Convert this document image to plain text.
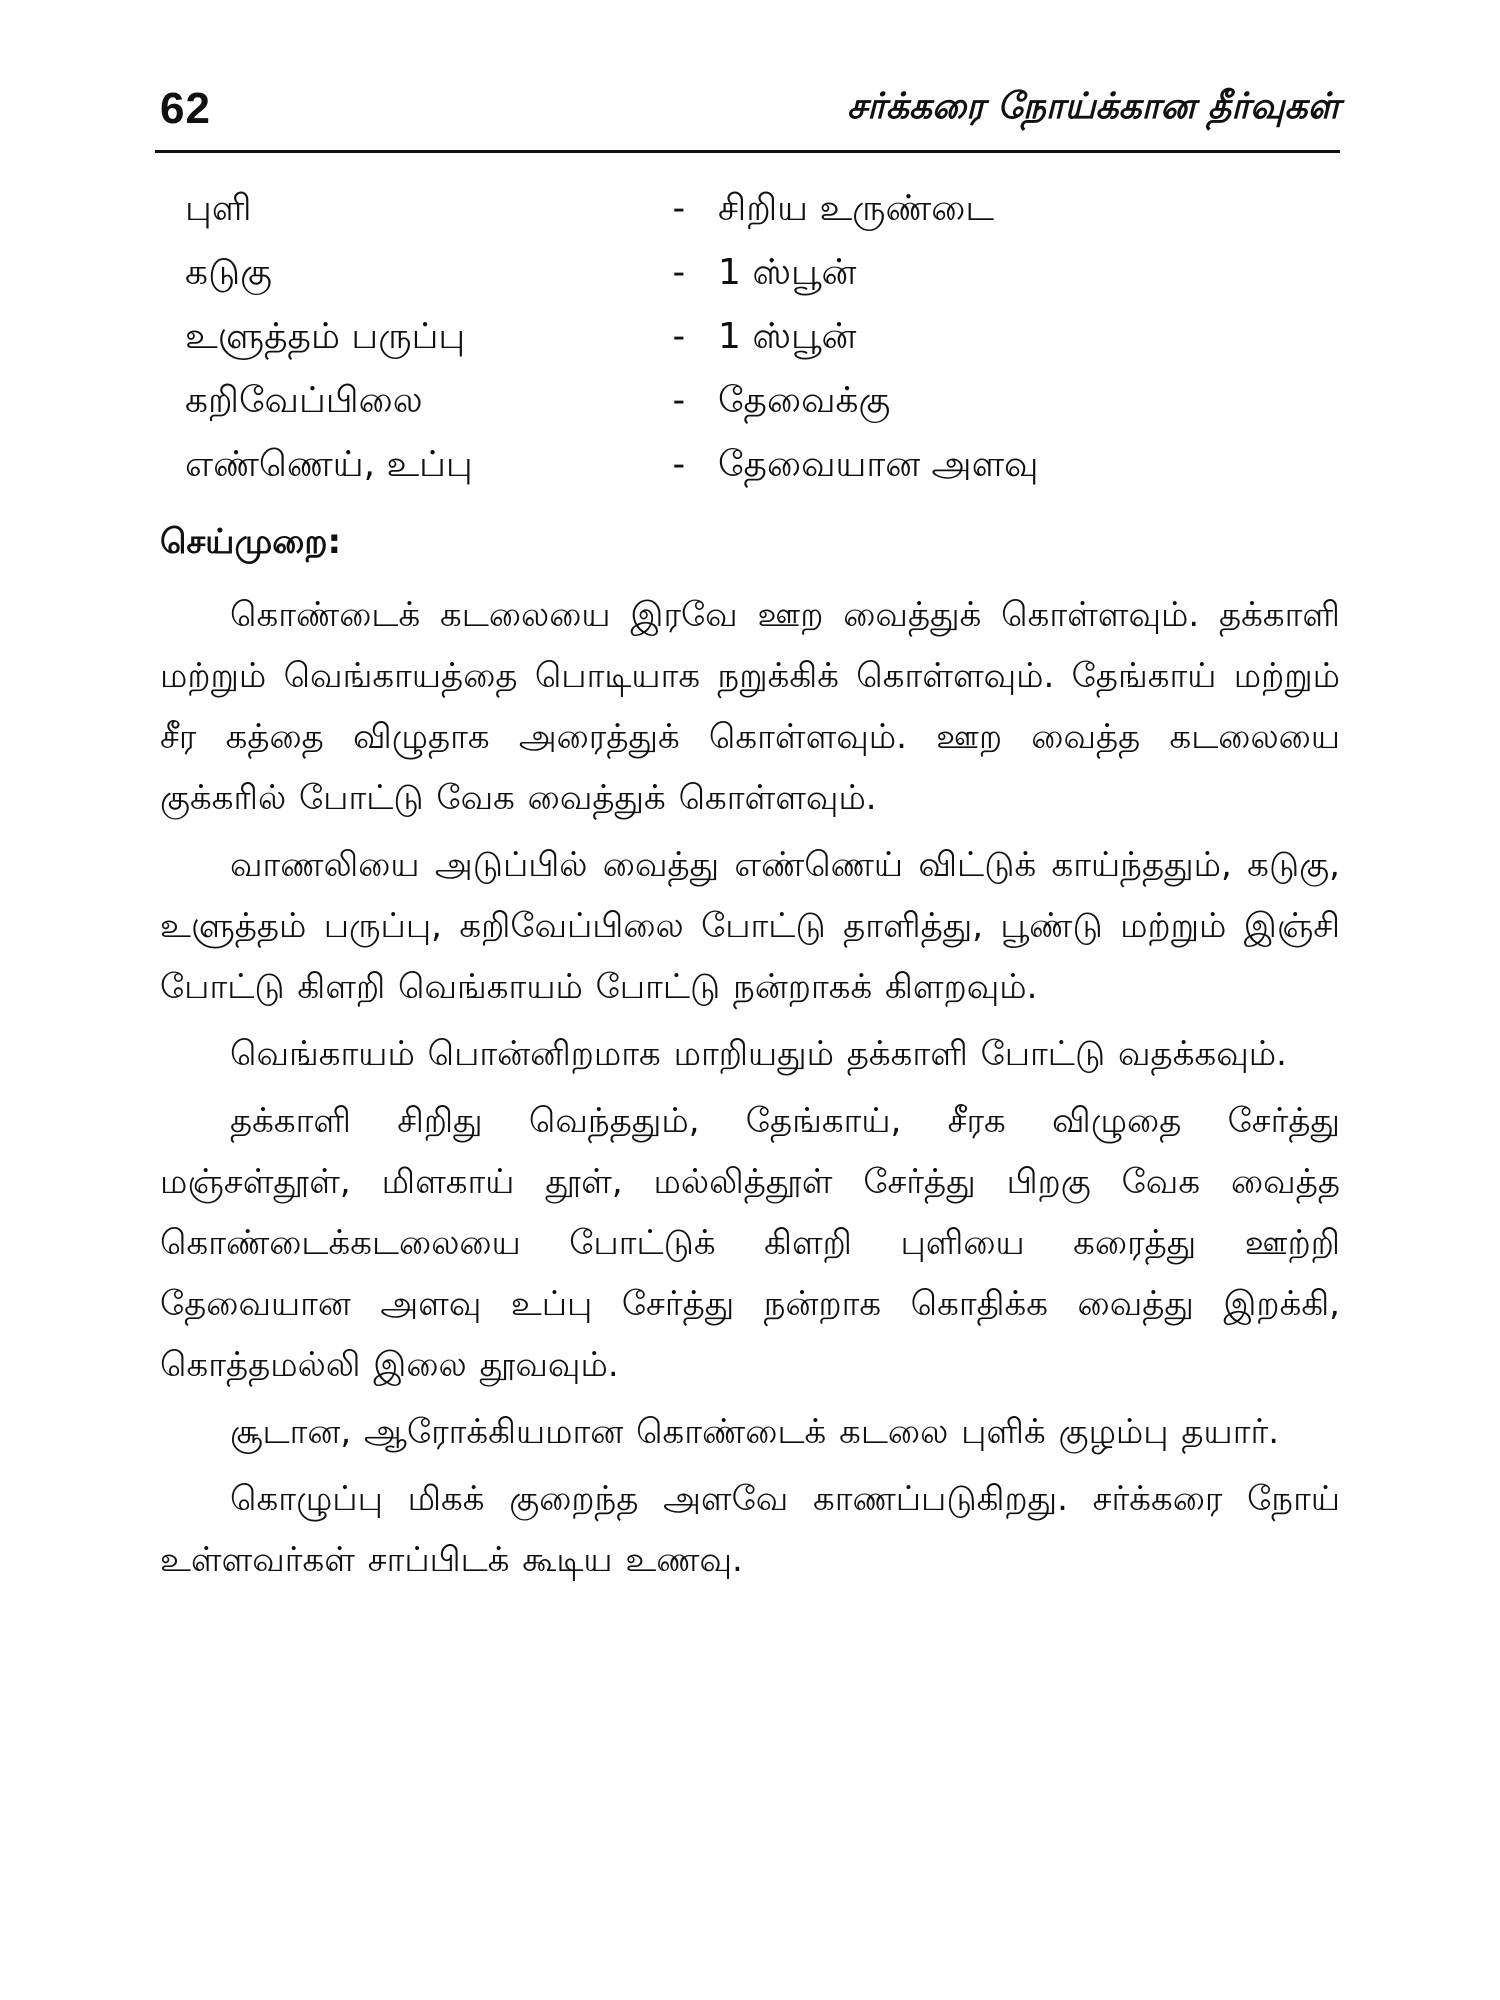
62	சர்க்கரை நோய்க்கான தீர்வுகள்
புளி	- சிறிய உருண்டை
கடுகு	- 1 ஸ்பூன்
உளுத்தம் பருப்பு	- 1 ஸ்பூன்
கறிவேப்பிலை	- தேவைக்கு
எண்ணெய், உப்பு	- தேவையான அளவு
செய்முறை:

கொண்டைக் கடலையை இரவே ஊற வைத்துக் கொள்ளவும். தக்காளி மற்றும் வெங்காயத்தை பொடியாக நறுக்கிக் கொள்ளவும். தேங்காய் மற்றும் சீர கத்தை விழுதாக அரைத்துக் கொள்ளவும். ஊற வைத்த கடலையை குக்கரில் போட்டு வேக வைத்துக் கொள்ளவும்.

வாணலியை அடுப்பில் வைத்து எண்ணெய் விட்டுக் காய்ந்ததும், கடுகு, உளுத்தம் பருப்பு, கறிவேப்பிலை போட்டு தாளித்து, பூண்டு மற்றும் இஞ்சி போட்டு கிளறி வெங்காயம் போட்டு நன்றாகக் கிளறவும்.

வெங்காயம் பொன்னிறமாக மாறியதும் தக்காளி போட்டு வதக்கவும்.

தக்காளி சிறிது வெந்ததும், தேங்காய், சீரக விழுதை சேர்த்து மஞ்சள்தூள், மிளகாய் தூள், மல்லித்தூள் சேர்த்து பிறகு வேக வைத்த கொண்டைக்கடலையை போட்டுக் கிளறி புளியை கரைத்து ஊற்றி தேவையான அளவு உப்பு சேர்த்து நன்றாக கொதிக்க வைத்து இறக்கி, கொத்தமல்லி இலை தூவவும்.

சூடான, ஆரோக்கியமான கொண்டைக் கடலை புளிக் குழம்பு தயார்.

கொழுப்பு மிகக் குறைந்த அளவே காணப்படுகிறது. சர்க்கரை நோய் உள்ளவர்கள் சாப்பிடக் கூடிய உணவு.
